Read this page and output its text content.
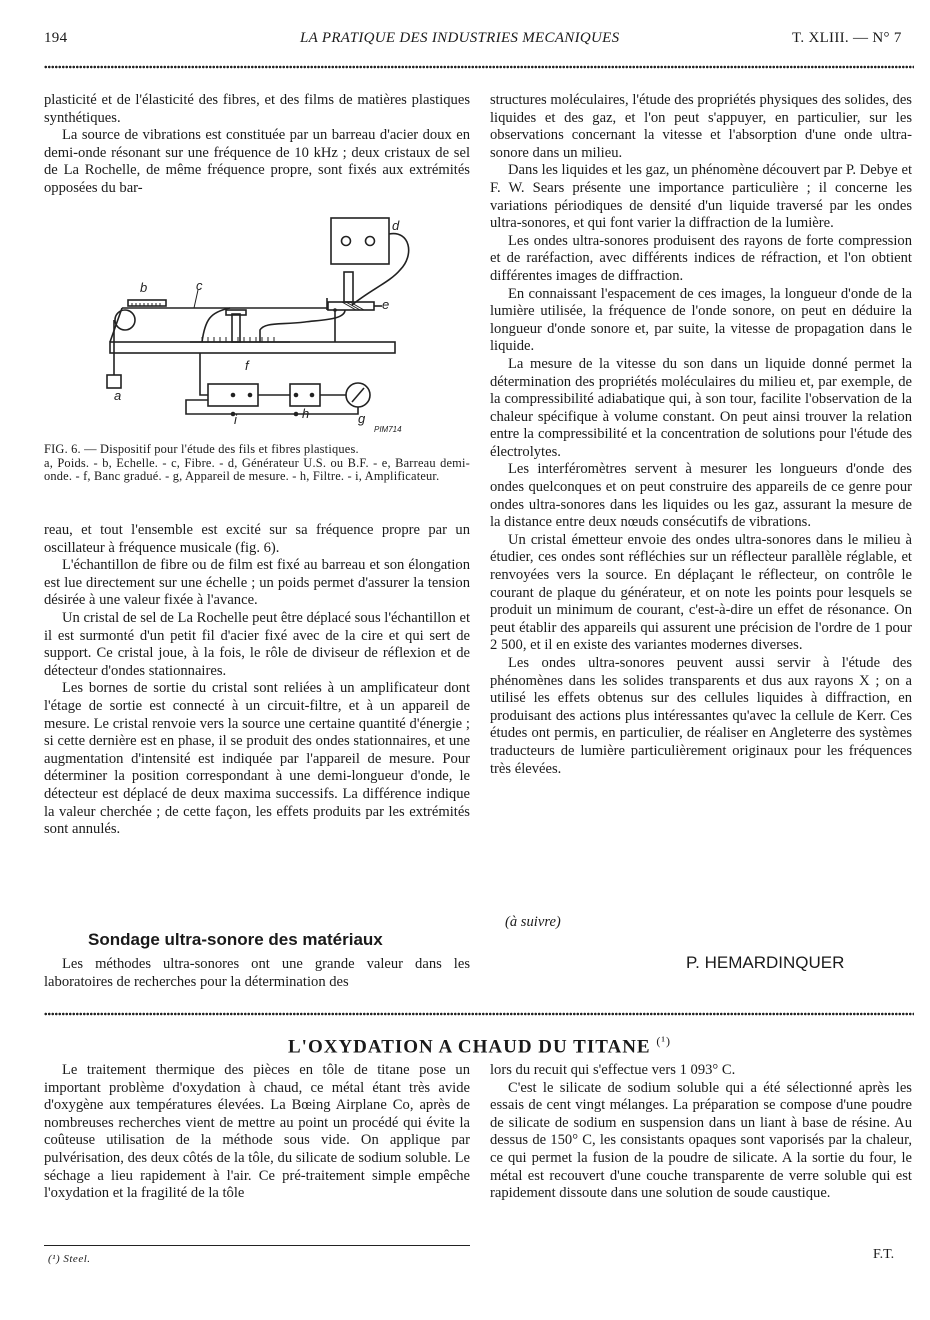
194	LA PRATIQUE DES INDUSTRIES MECANIQUES	T. XLIII. — N° 7

plasticité et de l'élasticité des fibres, et des films de matières plastiques synthétiques.

La source de vibrations est constituée par un barreau d'acier doux en demi-onde résonant sur une fréquence de 10 kHz ; deux cristaux de sel de La Rochelle, de même fréquence propre, sont fixés aux extrémités opposées du bar-

a
b	c
d
e
f
g
h
i
PIM714

FIG. 6. — Dispositif pour l'étude des fils et fibres plastiques.

a, Poids. - b, Echelle. - c, Fibre. - d, Générateur U.S. ou B.F. - e, Barreau demi-onde. - f, Banc gradué. - g, Appareil de mesure. - h, Filtre. - i, Amplificateur.

reau, et tout l'ensemble est excité sur sa fréquence propre par un oscillateur à fréquence musicale (fig. 6).

L'échantillon de fibre ou de film est fixé au barreau et son élongation est lue directement sur une échelle ; un poids permet d'assurer la tension désirée à une valeur fixée à l'avance.

Un cristal de sel de La Rochelle peut être déplacé sous l'échantillon et il est surmonté d'un petit fil d'acier fixé avec de la cire et qui sert de support. Ce cristal joue, à la fois, le rôle de diviseur de réflexion et de détecteur d'ondes stationnaires.

Les bornes de sortie du cristal sont reliées à un amplificateur dont l'étage de sortie est connecté à un circuit-filtre, et à un appareil de mesure. Le cristal renvoie vers la source une certaine quantité d'énergie ; si cette dernière est en phase, il se produit des ondes stationnaires, et une augmentation d'intensité est indiquée par l'appareil de mesure. Pour déterminer la position correspondant à une demi-longueur d'onde, le détecteur est déplacé de deux maxima successifs. La différence indique la valeur cherchée ; de cette façon, les effets produits par les extrémités sont annulés.

Sondage ultra-sonore des matériaux

Les méthodes ultra-sonores ont une grande valeur dans les laboratoires de recherches pour la détermination des

structures moléculaires, l'étude des propriétés physiques des solides, des liquides et des gaz, et l'on peut s'appuyer, en particulier, sur les observations concernant la vitesse et l'absorption d'une onde ultra-sonore dans un milieu.

Dans les liquides et les gaz, un phénomène découvert par P. Debye et F. W. Sears présente une importance particulière ; il concerne les variations périodiques de densité d'un liquide traversé par les ondes ultra-sonores, et qui font varier la diffraction de la lumière.

Les ondes ultra-sonores produisent des rayons de forte compression et de raréfaction, avec différents indices de réfraction, et l'on obtient différentes images de diffraction.

En connaissant l'espacement de ces images, la longueur d'onde de la lumière utilisée, la fréquence de l'onde sonore, on peut en déduire la longueur d'onde sonore et, par suite, la vitesse de propagation dans le liquide.

La mesure de la vitesse du son dans un liquide donné permet la détermination des propriétés moléculaires du milieu et, par exemple, de la compressibilité adiabatique qui, à son tour, facilite l'observation de la chaleur spécifique à volume constant. On peut ainsi trouver la relation entre la compressibilité et la concentration de solutions pour l'étude des électrolytes.

Les interféromètres servent à mesurer les longueurs d'onde des ondes quelconques et on peut construire des appareils de ce genre pour ondes ultra-sonores dans les liquides ou les gaz, assurant la mesure de la distance entre deux nœuds consécutifs de vibrations.

Un cristal émetteur envoie des ondes ultra-sonores dans le milieu à étudier, ces ondes sont réfléchies sur un réflecteur parallèle réglable, et renvoyées vers la source. En déplaçant le réflecteur, on contrôle le courant de plaque du générateur, et on note les points pour lesquels se produit un minimum de courant, c'est-à-dire un effet de résonance. On peut établir des appareils qui assurent une précision de l'ordre de 1 pour 2 500, et il en existe des variantes modernes diverses.

Les ondes ultra-sonores peuvent aussi servir à l'étude des phénomènes dans les solides transparents et dus aux rayons X ; on a utilisé les effets obtenus sur des cellules liquides à diffraction, en produisant des actions plus intéressantes qu'avec la cellule de Kerr. Ces études ont permis, en particulier, de réaliser en Angleterre des systèmes traducteurs de lumière particulièrement originaux pour les fréquences très élevées.

(à suivre)
P. HEMARDINQUER
L'OXYDATION A CHAUD DU TITANE $^{(^1)}$

Le traitement thermique des pièces en tôle de titane pose un important problème d'oxydation à chaud, ce métal étant très avide d'oxygène aux températures élevées. La Bœing Airplane Co, après de nombreuses recherches vient de mettre au point un procédé qui évite la coûteuse utilisation de la méthode sous vide. On applique par pulvérisation, des deux côtés de la tôle, du silicate de sodium soluble. Le séchage a lieu rapidement à l'air. Ce pré-traitement simple empêche l'oxydation et la fragilité de la tôle

(¹) Steel.

lors du recuit qui s'effectue vers 1 093° C.

C'est le silicate de sodium soluble qui a été sélectionné après les essais de cent vingt mélanges. La préparation se compose d'une poudre de silicate de sodium en suspension dans un liant à base de résine. Au dessus de 150° C, les consistants opaques sont vaporisés par la chaleur, ce qui permet la fusion de la poudre de silicate. A la sortie du four, le métal est recouvert d'une couche transparente de verre soluble qui est rapidement dissoute dans une solution de soude caustique.

F.T.
